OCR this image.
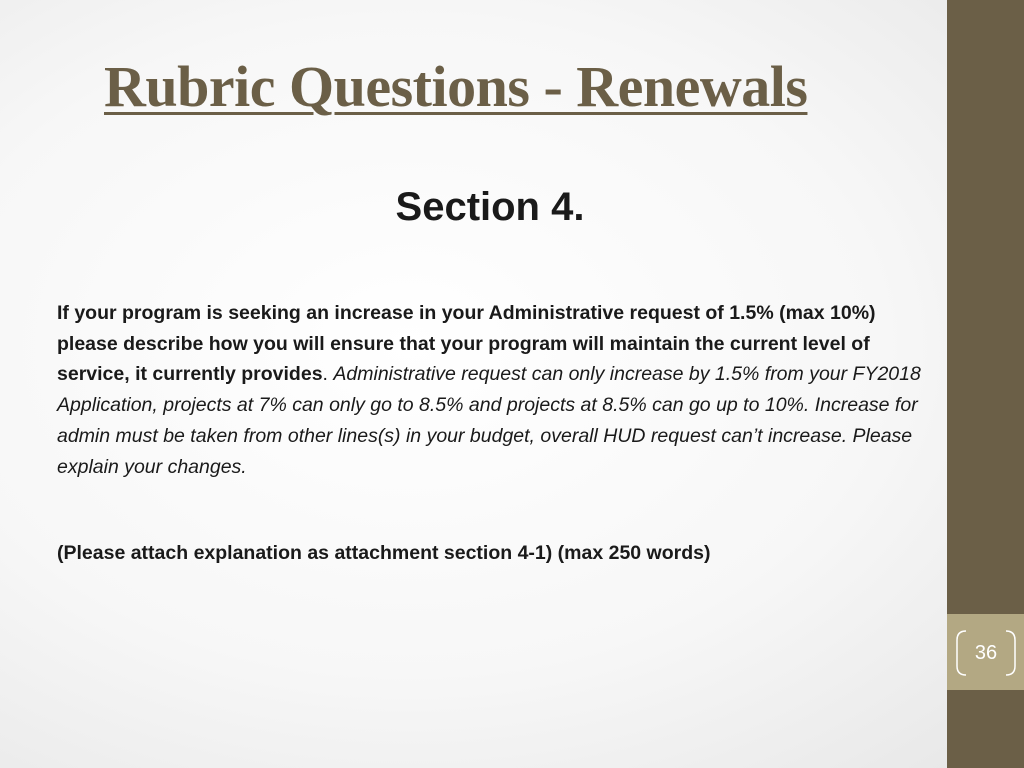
36
Rubric Questions - Renewals
Section 4.

If your program is seeking an increase in your Administrative request of 1.5% (max 10%) please describe how you will ensure that your program will maintain the current level of service, it currently provides. Administrative request can only increase by 1.5% from your FY2018 Application, projects at 7% can only go to 8.5% and projects at 8.5% can go up to 10%. Increase for admin must be taken from other lines(s) in your budget, overall HUD request can’t increase. Please explain your changes.

(Please attach explanation as attachment section 4-1) (max 250 words)
